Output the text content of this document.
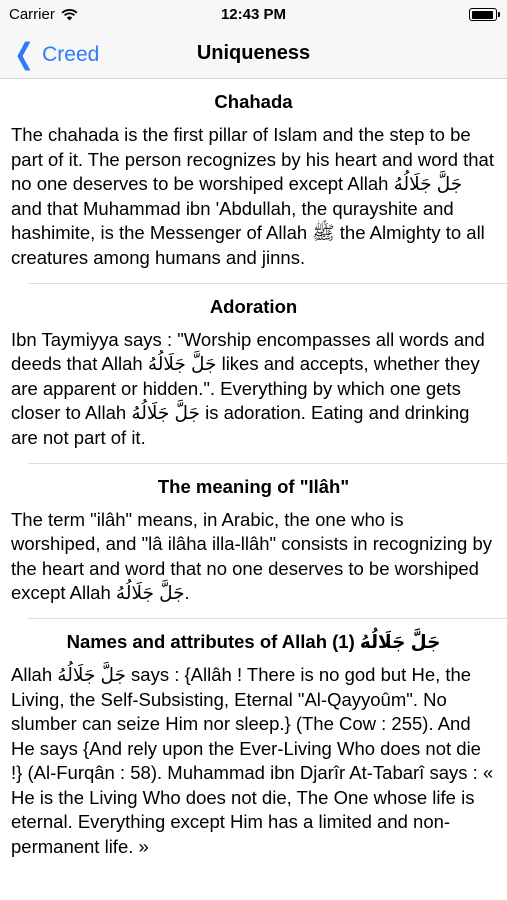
Carrier	12:43 PM
❮ Creed	Uniqueness
Chahada

The chahada is the first pillar of Islam and the step to be part of it. The person recognizes by his heart and word that no one deserves to be worshiped except Allah جَلَّ جَلَالُهُ and that Muhammad ibn 'Abdullah, the qurayshite and hashimite, is the Messenger of Allah ﷺ the Almighty to all creatures among humans and jinns.

Adoration

Ibn Taymiyya says : "Worship encompasses all words and deeds that Allah جَلَّ جَلَالُهُ likes and accepts, whether they are apparent or hidden.". Everything by which one gets closer to Allah جَلَّ جَلَالُهُ is adoration. Eating and drinking are not part of it.

The meaning of "Ilâh"

The term "ilâh" means, in Arabic, the one who is worshiped, and "lâ ilâha illa-llâh" consists in recognizing by the heart and word that no one deserves to be worshiped except Allah جَلَّ جَلَالُهُ.

Names and attributes of Allah (1) جَلَّ جَلَالُهُ

Allah جَلَّ جَلَالُهُ says : {Allâh ! There is no god but He, the Living, the Self-Subsisting, Eternal "Al-Qayyoûm". No slumber can seize Him nor sleep.} (The Cow : 255). And He says {And rely upon the Ever-Living Who does not die !} (Al-Furqân : 58). Muhammad ibn Djarîr At-Tabarî says : « He is the Living Who does not die, The One whose life is eternal. Everything except Him has a limited and non-permanent life. »
